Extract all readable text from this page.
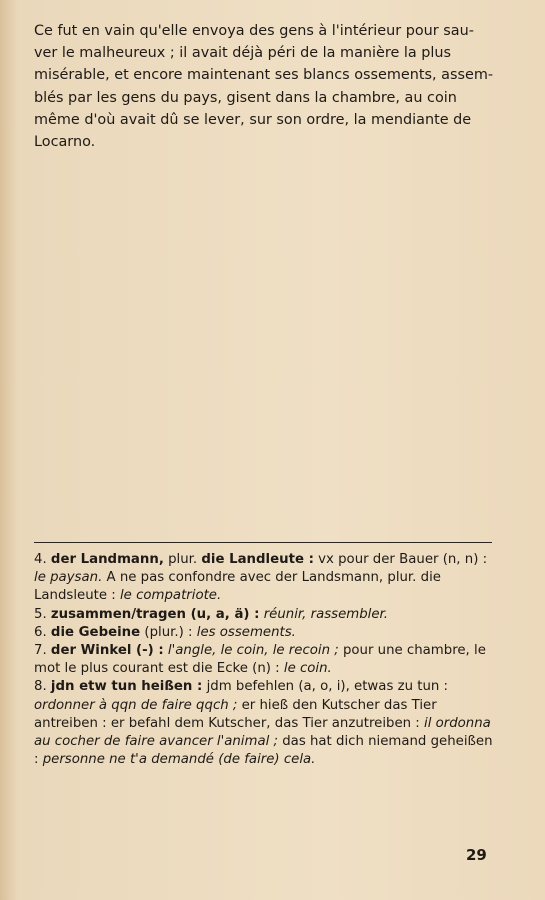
Ce fut en vain qu'elle envoya des gens à l'intérieur pour sau-

ver le malheureux ; il avait déjà péri de la manière la plus

misérable, et encore maintenant ses blancs ossements, assem-

blés par les gens du pays, gisent dans la chambre, au coin

même d'où avait dû se lever, sur son ordre, la mendiante de

Locarno.

4. der Landmann, plur. die Landleute : vx pour der Bauer (n, n) : le paysan. A ne pas confondre avec der Landsmann, plur. die Landsleute : le compatriote.

5. zusammen/tragen (u, a, ä) : réunir, rassembler.

6. die Gebeine (plur.) : les ossements.

7. der Winkel (-) : l'angle, le coin, le recoin ; pour une chambre, le mot le plus courant est die Ecke (n) : le coin.

8. jdn etw tun heißen : jdm befehlen (a, o, i), etwas zu tun : ordonner à qqn de faire qqch ; er hieß den Kutscher das Tier antreiben : er befahl dem Kutscher, das Tier anzutreiben : il ordonna au cocher de faire avancer l'animal ; das hat dich niemand geheißen : personne ne t'a demandé (de faire) cela.

29
